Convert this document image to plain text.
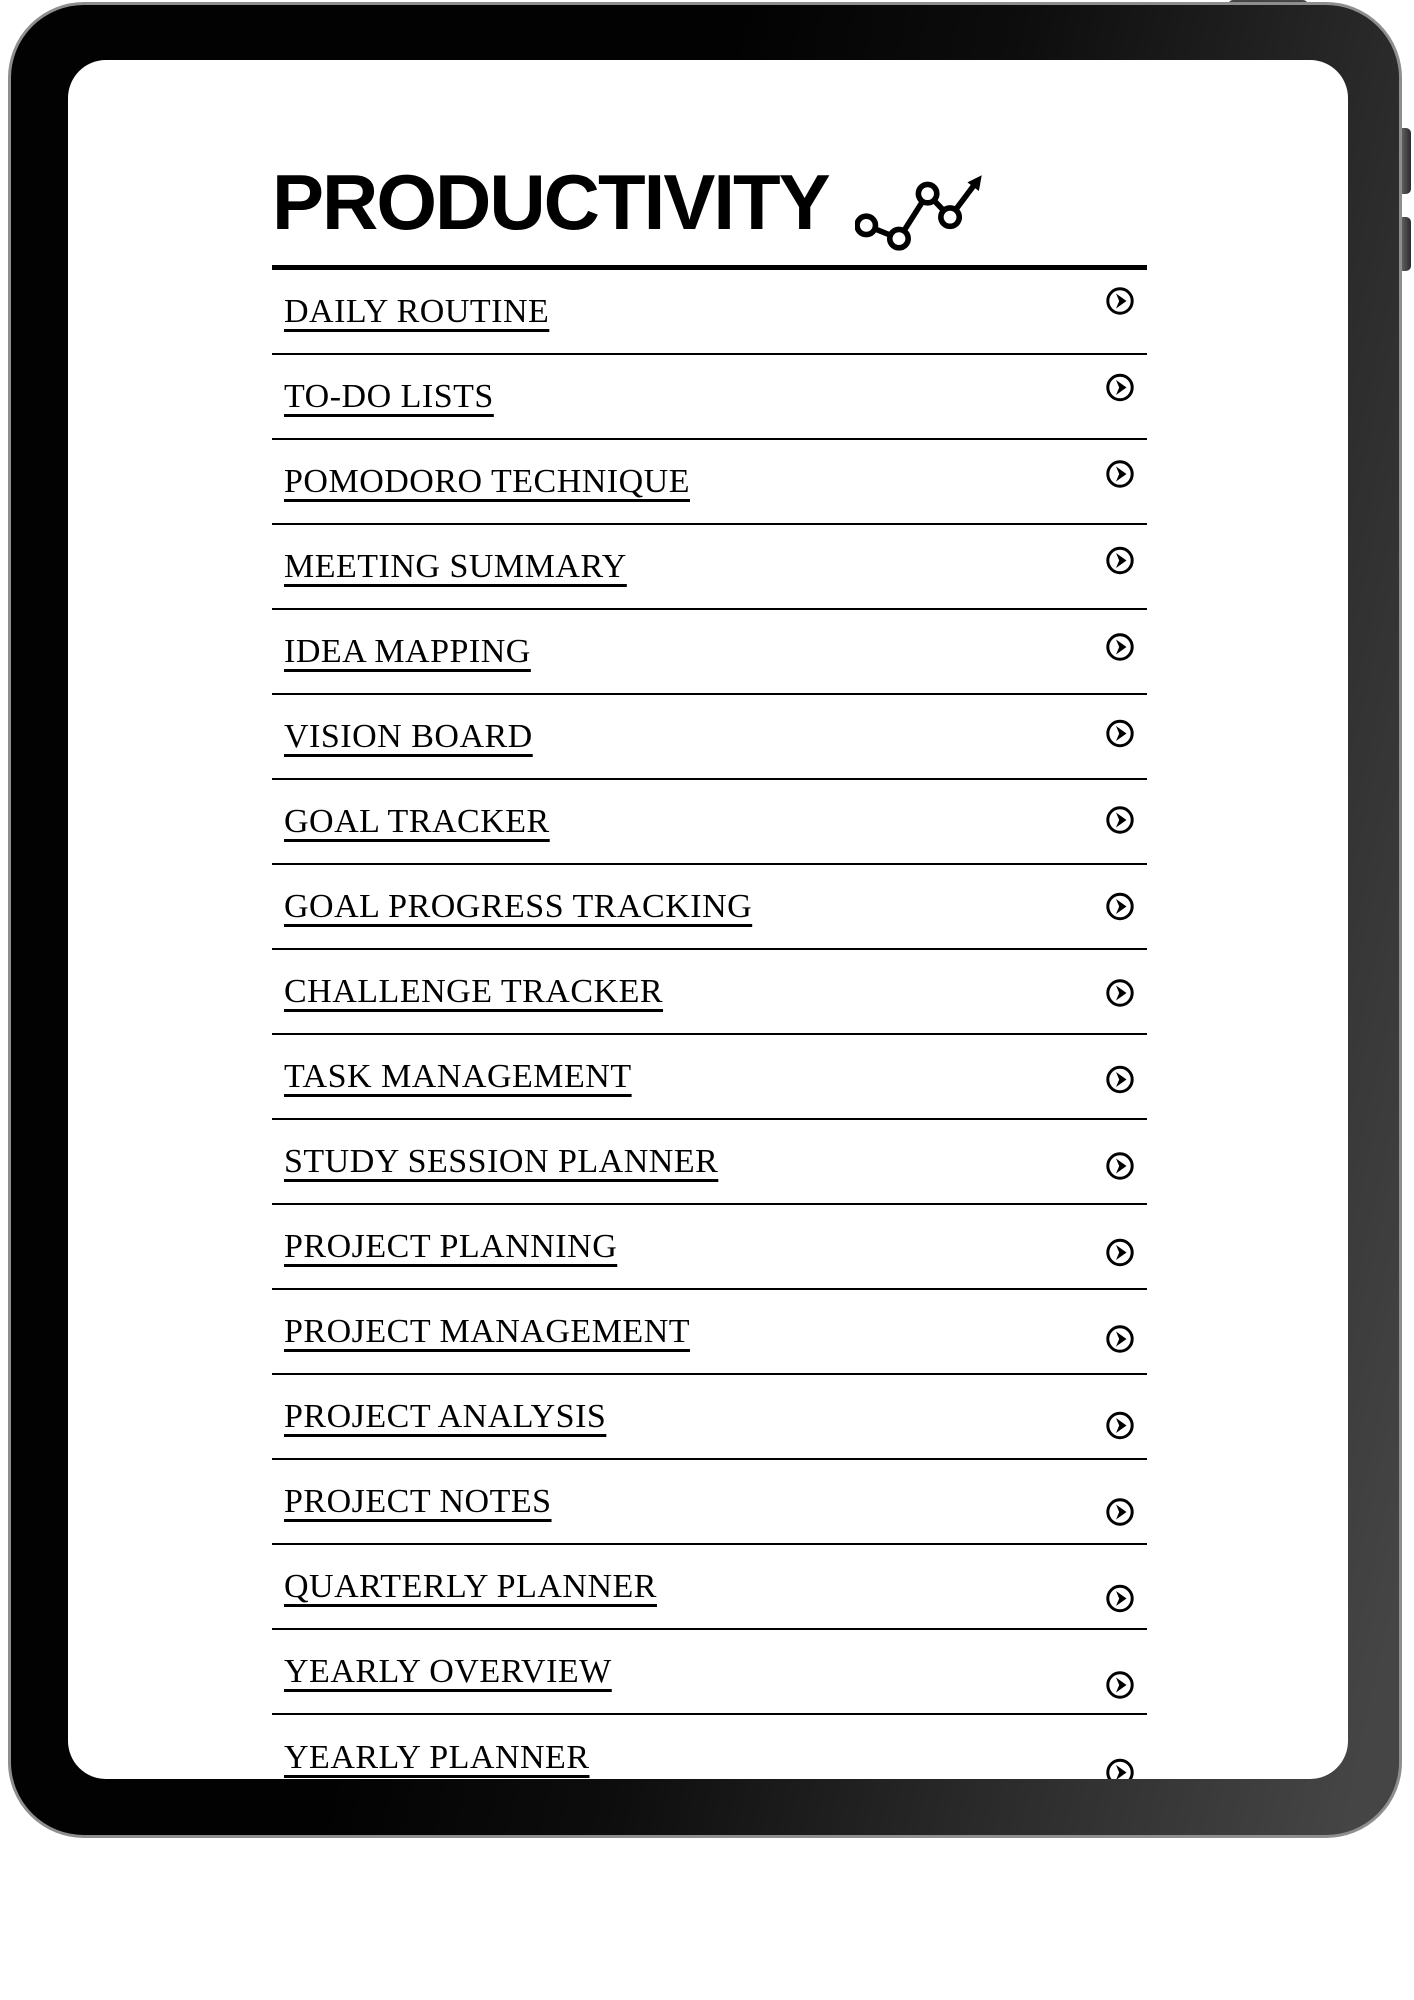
PRODUCTIVITY
DAILY ROUTINE
TO-DO LISTS
POMODORO TECHNIQUE
MEETING SUMMARY
IDEA MAPPING
VISION BOARD
GOAL TRACKER
GOAL PROGRESS TRACKING
CHALLENGE TRACKER
TASK MANAGEMENT
STUDY SESSION PLANNER
PROJECT PLANNING
PROJECT MANAGEMENT
PROJECT ANALYSIS
PROJECT NOTES
QUARTERLY PLANNER
YEARLY OVERVIEW
YEARLY PLANNER
